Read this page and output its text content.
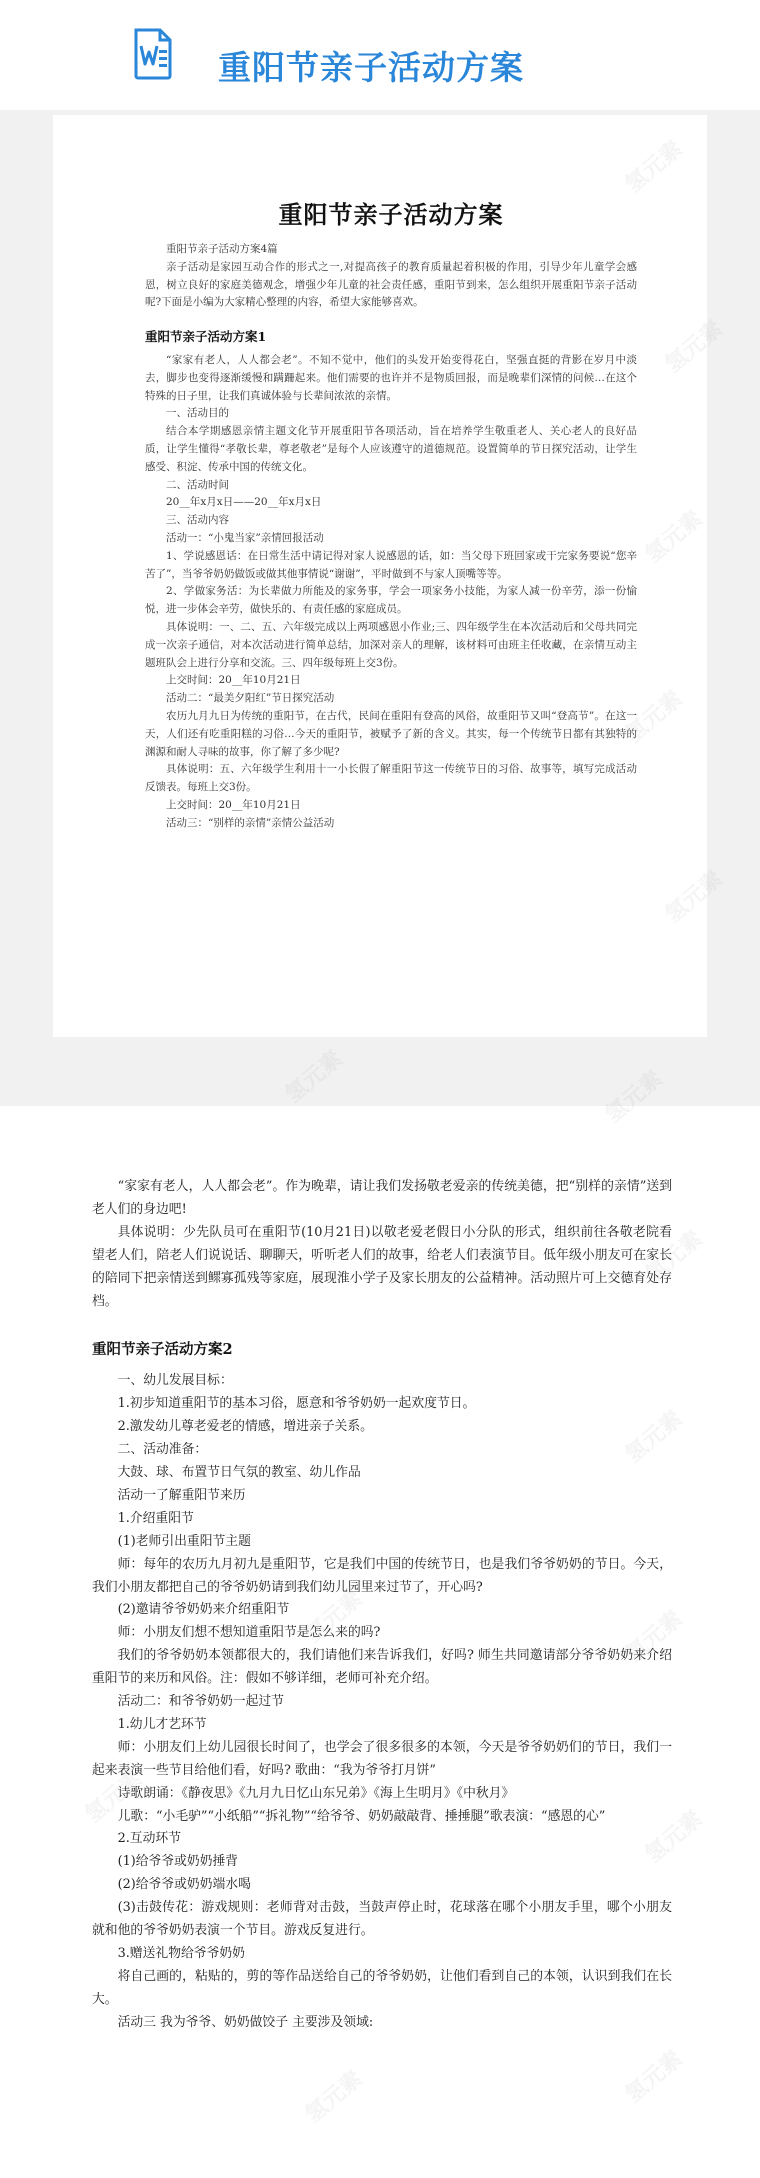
重阳节亲子活动方案
重阳节亲子活动方案

重阳节亲子活动方案4篇

亲子活动是家园互动合作的形式之一,对提高孩子的教育质量起着积极的作用，引导少年儿童学会感恩，树立良好的家庭美德观念，增强少年儿童的社会责任感，重阳节到来，怎么组织开展重阳节亲子活动呢?下面是小编为大家精心整理的内容，希望大家能够喜欢。

重阳节亲子活动方案1

“家家有老人，人人都会老”。不知不觉中，他们的头发开始变得花白，坚强直挺的背影在岁月中淡去，脚步也变得逐渐缓慢和蹒跚起来。他们需要的也许并不是物质回报，而是晚辈们深情的问候…在这个特殊的日子里，让我们真诚体验与长辈间浓浓的亲情。

一、活动目的

结合本学期感恩亲情主题文化节开展重阳节各项活动，旨在培养学生敬重老人、关心老人的良好品质，让学生懂得“孝敬长辈，尊老敬老”是每个人应该遵守的道德规范。设置简单的节日探究活动，让学生感受、积淀、传承中国的传统文化。

二、活动时间

20__年x月x日——20__年x月x日

三、活动内容

活动一：“小鬼当家”亲情回报活动

1、学说感恩话：在日常生活中请记得对家人说感恩的话，如：当父母下班回家或干完家务要说“您辛苦了”，当爷爷奶奶做饭或做其他事情说“谢谢”，平时做到不与家人顶嘴等等。

2、学做家务活：为长辈做力所能及的家务事，学会一项家务小技能，为家人减一份辛劳，添一份愉悦，进一步体会辛劳，做快乐的、有责任感的家庭成员。

具体说明：一、二、五、六年级完成以上两项感恩小作业;三、四年级学生在本次活动后和父母共同完成一次亲子通信，对本次活动进行简单总结，加深对亲人的理解，该材料可由班主任收藏，在亲情互动主题班队会上进行分享和交流。三、四年级每班上交3份。

上交时间：20__年10月21日

活动二：“最美夕阳红”节日探究活动

农历九月九日为传统的重阳节，在古代，民间在重阳有登高的风俗，故重阳节又叫“登高节”。在这一天，人们还有吃重阳糕的习俗…今天的重阳节，被赋予了新的含义。其实，每一个传统节日都有其独特的渊源和耐人寻味的故事，你了解了多少呢?

具体说明：五、六年级学生利用十一小长假了解重阳节这一传统节日的习俗、故事等，填写完成活动反馈表。每班上交3份。

上交时间：20__年10月21日

活动三：“别样的亲情”亲情公益活动

“家家有老人，人人都会老”。作为晚辈，请让我们发扬敬老爱亲的传统美德，把“别样的亲情”送到老人们的身边吧!

具体说明：少先队员可在重阳节(10月21日)以敬老爱老假日小分队的形式，组织前往各敬老院看望老人们，陪老人们说说话、聊聊天，听听老人们的故事，给老人们表演节目。低年级小朋友可在家长的陪同下把亲情送到鳏寡孤残等家庭，展现淮小学子及家长朋友的公益精神。活动照片可上交德育处存档。

重阳节亲子活动方案2

一、幼儿发展目标：

1.初步知道重阳节的基本习俗，愿意和爷爷奶奶一起欢度节日。

2.激发幼儿尊老爱老的情感，增进亲子关系。

二、活动准备：

大鼓、球、布置节日气氛的教室、幼儿作品

活动一了解重阳节来历

1.介绍重阳节

(1)老师引出重阳节主题

师：每年的农历九月初九是重阳节，它是我们中国的传统节日，也是我们爷爷奶奶的节日。今天，我们小朋友都把自己的爷爷奶奶请到我们幼儿园里来过节了，开心吗?

(2)邀请爷爷奶奶来介绍重阳节

师：小朋友们想不想知道重阳节是怎么来的吗?

我们的爷爷奶奶本领都很大的，我们请他们来告诉我们，好吗? 师生共同邀请部分爷爷奶奶来介绍重阳节的来历和风俗。注：假如不够详细，老师可补充介绍。

活动二：和爷爷奶奶一起过节

1.幼儿才艺环节

师：小朋友们上幼儿园很长时间了，也学会了很多很多的本领，今天是爷爷奶奶们的节日，我们一起来表演一些节目给他们看，好吗? 歌曲：“我为爷爷打月饼”

诗歌朗诵：《静夜思》《九月九日忆山东兄弟》《海上生明月》《中秋月》

儿歌：“小毛驴”“小纸船”“拆礼物”“给爷爷、奶奶敲敲背、捶捶腿”歌表演：“感恩的心”

2.互动环节

(1)给爷爷或奶奶捶背

(2)给爷爷或奶奶端水喝

(3)击鼓传花：游戏规则：老师背对击鼓，当鼓声停止时，花球落在哪个小朋友手里，哪个小朋友就和他的爷爷奶奶表演一个节目。游戏反复进行。

3.赠送礼物给爷爷奶奶

将自己画的，粘贴的，剪的等作品送给自己的爷爷奶奶，让他们看到自己的本领，认识到我们在长大。

活动三 我为爷爷、奶奶做饺子 主要涉及领域:

氢元素
氢元素
氢元素	氢元素
氢元素
氢元素	氢元素
氢元素
